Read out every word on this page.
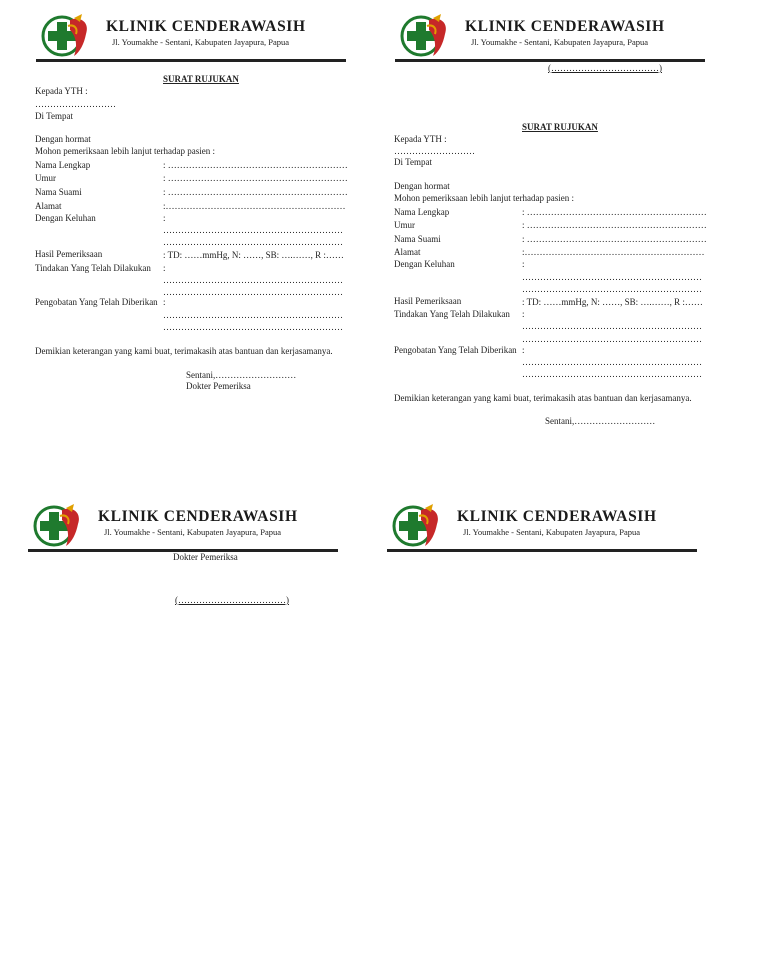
KLINIK CENDERAWASIH
Jl. Youmakhe - Sentani, Kabupaten Jayapura, Papua
SURAT RUJUKAN
Kepada YTH :
………………………
Di Tempat
Dengan hormat
Mohon pemeriksaan lebih lanjut terhadap pasien :
Nama Lengkap	: ……………………………………………………
Umur	: ……………………………………………………
Nama Suami	: ……………………………………………………
Alamat	:……………………………………………………
Dengan Keluhan	:
……………………………………………………
……………………………………………………
Hasil Pemeriksaan	: TD: ……mmHg, N: ……, SB: ….……, R :……
Tindakan Yang Telah Dilakukan :
……………………………………………………
……………………………………………………
Pengobatan Yang Telah Diberikan :
……………………………………………………
……………………………………………………
Demikian keterangan yang kami buat, terimakasih atas bantuan dan kerjasamanya.
Sentani,………………………
Dokter Pemeriksa
KLINIK CENDERAWASIH
Jl. Youmakhe - Sentani, Kabupaten Jayapura, Papua
(………………………………)
SURAT RUJUKAN
Kepada YTH :
………………………
Di Tempat
Dengan hormat
Mohon pemeriksaan lebih lanjut terhadap pasien :
Nama Lengkap	: ……………………………………………………
Umur	: ……………………………………………………
Nama Suami	: ……………………………………………………
Alamat	:……………………………………………………
Dengan Keluhan	:
……………………………………………………
……………………………………………………
Hasil Pemeriksaan	: TD: ……mmHg, N: ……, SB: ….……, R :……
Tindakan Yang Telah Dilakukan :
……………………………………………………
……………………………………………………
Pengobatan Yang Telah Diberikan :
……………………………………………………
……………………………………………………
Demikian keterangan yang kami buat, terimakasih atas bantuan dan kerjasamanya.
Sentani,………………………
KLINIK CENDERAWASIH
Jl. Youmakhe - Sentani, Kabupaten Jayapura, Papua
Dokter Pemeriksa
(………………………………)
KLINIK CENDERAWASIH
Jl. Youmakhe - Sentani, Kabupaten Jayapura, Papua
